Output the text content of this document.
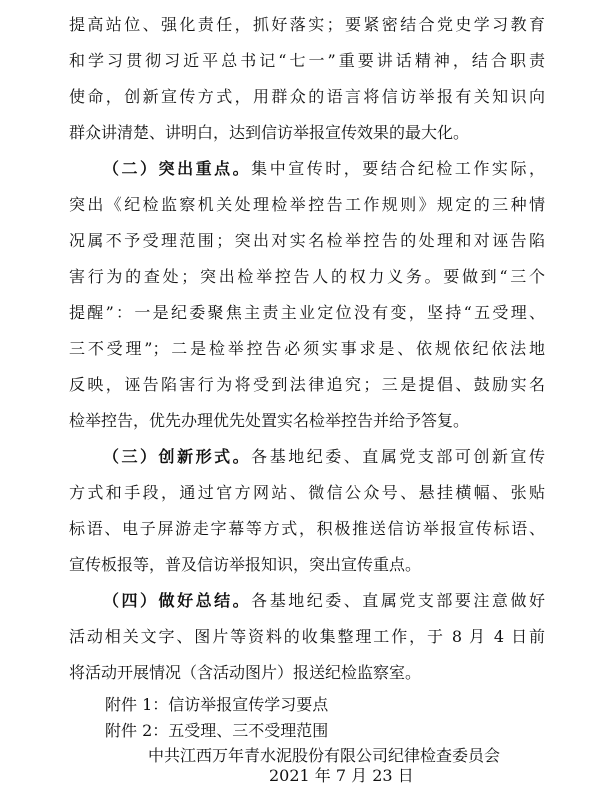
提高站位、强化责任，抓好落实；要紧密结合党史学习教育
和学习贯彻习近平总书记“七一”重要讲话精神，结合职责
使命，创新宣传方式，用群众的语言将信访举报有关知识向
群众讲清楚、讲明白，达到信访举报宣传效果的最大化。
（二）突出重点。集中宣传时，要结合纪检工作实际，
突出《纪检监察机关处理检举控告工作规则》规定的三种情
况属不予受理范围；突出对实名检举控告的处理和对诬告陷
害行为的查处；突出检举控告人的权力义务。要做到“三个
提醒”：一是纪委聚焦主责主业定位没有变，坚持“五受理、
三不受理”；二是检举控告必须实事求是、依规依纪依法地
反映，诬告陷害行为将受到法律追究；三是提倡、鼓励实名
检举控告，优先办理优先处置实名检举控告并给予答复。
（三）创新形式。各基地纪委、直属党支部可创新宣传
方式和手段，通过官方网站、微信公众号、悬挂横幅、张贴
标语、电子屏游走字幕等方式，积极推送信访举报宣传标语、
宣传板报等，普及信访举报知识，突出宣传重点。
（四）做好总结。各基地纪委、直属党支部要注意做好
活动相关文字、图片等资料的收集整理工作，于 8 月 4 日前
将活动开展情况（含活动图片）报送纪检监察室。
附件 1：信访举报宣传学习要点
附件 2：五受理、三不受理范围
中共江西万年青水泥股份有限公司纪律检查委员会
2021 年 7 月 23 日
